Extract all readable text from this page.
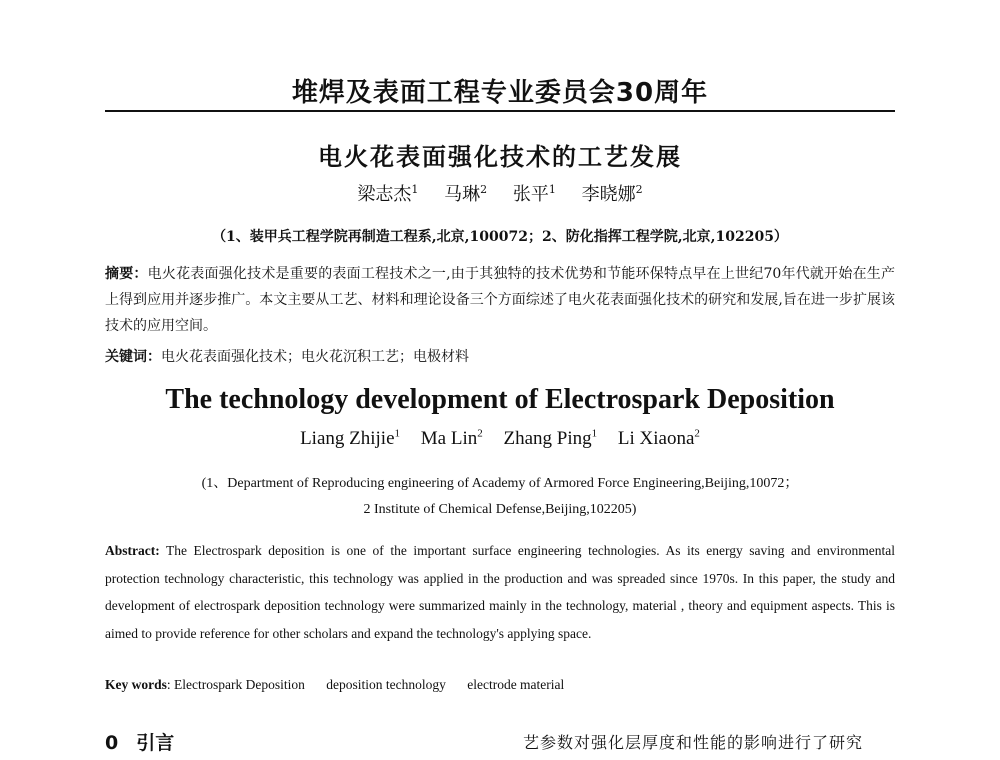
堆焊及表面工程专业委员会30周年
电火花表面强化技术的工艺发展
梁志杰$^1$ 马琳$^2$ 张平$^1$ 李晓娜$^2$
（1、装甲兵工程学院再制造工程系,北京,100072；2、防化指挥工程学院,北京,102205）
摘要：电火花表面强化技术是重要的表面工程技术之一,由于其独特的技术优势和节能环保特点早在上世纪70年代就开始在生产上得到应用并逐步推广。本文主要从工艺、材料和理论设备三个方面综述了电火花表面强化技术的研究和发展,旨在进一步扩展该技术的应用空间。
关键词：电火花表面强化技术；电火花沉积工艺；电极材料
The technology development of Electrospark Deposition
Liang Zhijie$^1$ Ma Lin$^2$ Zhang Ping$^1$ Li Xiaona$^2$
(1、Department of Reproducing engineering of Academy of Armored Force Engineering,Beijing,10072；
2 Institute of Chemical Defense,Beijing,102205)
Abstract: The Electrospark deposition is one of the important surface engineering technologies. As its energy saving and environmental protection technology characteristic, this technology was applied in the production and was spreaded since 1970s. In this paper, the study and development of electrospark deposition technology were summarized mainly in the technology, material , theory and equipment aspects. This is aimed to provide reference for other scholars and expand the technology's applying space.
Key words: Electrospark Deposition deposition technology electrode material
0 引言	艺参数对强化层厚度和性能的影响进行了研究
